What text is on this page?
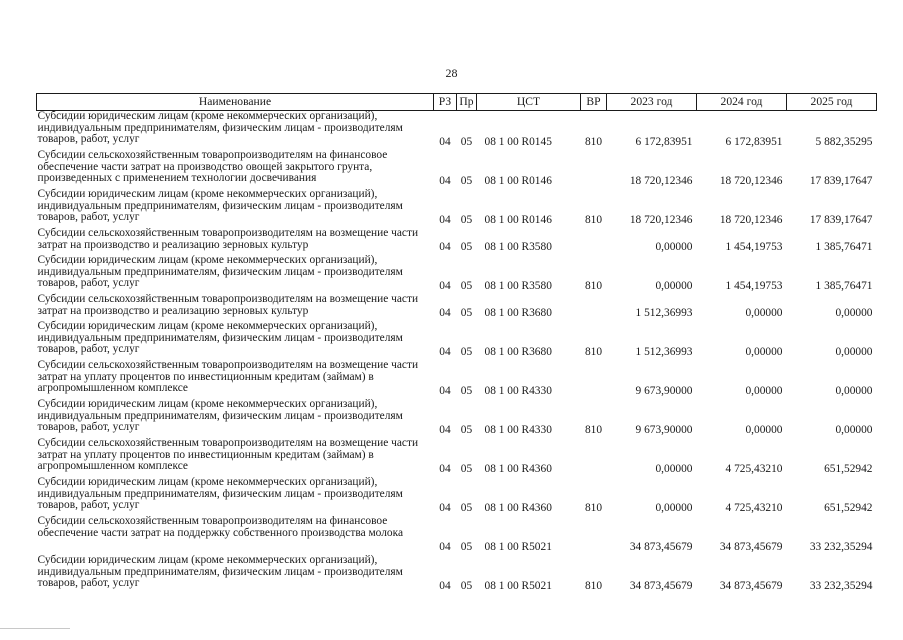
28
Наименование	РЗ	Пр	ЦСТ	ВР	2023 год	2024 год	2025 год
Субсидии юридическим лицам (кроме некоммерческих организаций), индивидуальным предпринимателям, физическим лицам - производителям товаров, работ, услуг	04	05	08 1 00 R0145	810	6 172,83951	6 172,83951	5 882,35295
Субсидии сельскохозяйственным товаропроизводителям на финансовое обеспечение части затрат на производство овощей закрытого грунта, произведенных с применением технологии досвечивания	04	05	08 1 00 R0146		18 720,12346	18 720,12346	17 839,17647
Субсидии юридическим лицам (кроме некоммерческих организаций), индивидуальным предпринимателям, физическим лицам - производителям товаров, работ, услуг	04	05	08 1 00 R0146	810	18 720,12346	18 720,12346	17 839,17647
Субсидии сельскохозяйственным товаропроизводителям на возмещение части затрат на производство и реализацию зерновых культур	04	05	08 1 00 R3580		0,00000	1 454,19753	1 385,76471
Субсидии юридическим лицам (кроме некоммерческих организаций), индивидуальным предпринимателям, физическим лицам - производителям товаров, работ, услуг	04	05	08 1 00 R3580	810	0,00000	1 454,19753	1 385,76471
Субсидии сельскохозяйственным товаропроизводителям на возмещение части затрат на производство и реализацию зерновых культур	04	05	08 1 00 R3680		1 512,36993	0,00000	0,00000
Субсидии юридическим лицам (кроме некоммерческих организаций), индивидуальным предпринимателям, физическим лицам - производителям товаров, работ, услуг	04	05	08 1 00 R3680	810	1 512,36993	0,00000	0,00000
Субсидии сельскохозяйственным товаропроизводителям на возмещение части затрат на уплату процентов по инвестиционным кредитам (займам) в агропромышленном комплексе	04	05	08 1 00 R4330		9 673,90000	0,00000	0,00000
Субсидии юридическим лицам (кроме некоммерческих организаций), индивидуальным предпринимателям, физическим лицам - производителям товаров, работ, услуг	04	05	08 1 00 R4330	810	9 673,90000	0,00000	0,00000
Субсидии сельскохозяйственным товаропроизводителям на возмещение части затрат на уплату процентов по инвестиционным кредитам (займам) в агропромышленном комплексе	04	05	08 1 00 R4360		0,00000	4 725,43210	651,52942
Субсидии юридическим лицам (кроме некоммерческих организаций), индивидуальным предпринимателям, физическим лицам - производителям товаров, работ, услуг	04	05	08 1 00 R4360	810	0,00000	4 725,43210	651,52942
Субсидии сельскохозяйственным товаропроизводителям на финансовое обеспечение части затрат на поддержку собственного производства молока	04	05	08 1 00 R5021		34 873,45679	34 873,45679	33 232,35294
Субсидии юридическим лицам (кроме некоммерческих организаций), индивидуальным предпринимателям, физическим лицам - производителям товаров, работ, услуг	04	05	08 1 00 R5021	810	34 873,45679	34 873,45679	33 232,35294
